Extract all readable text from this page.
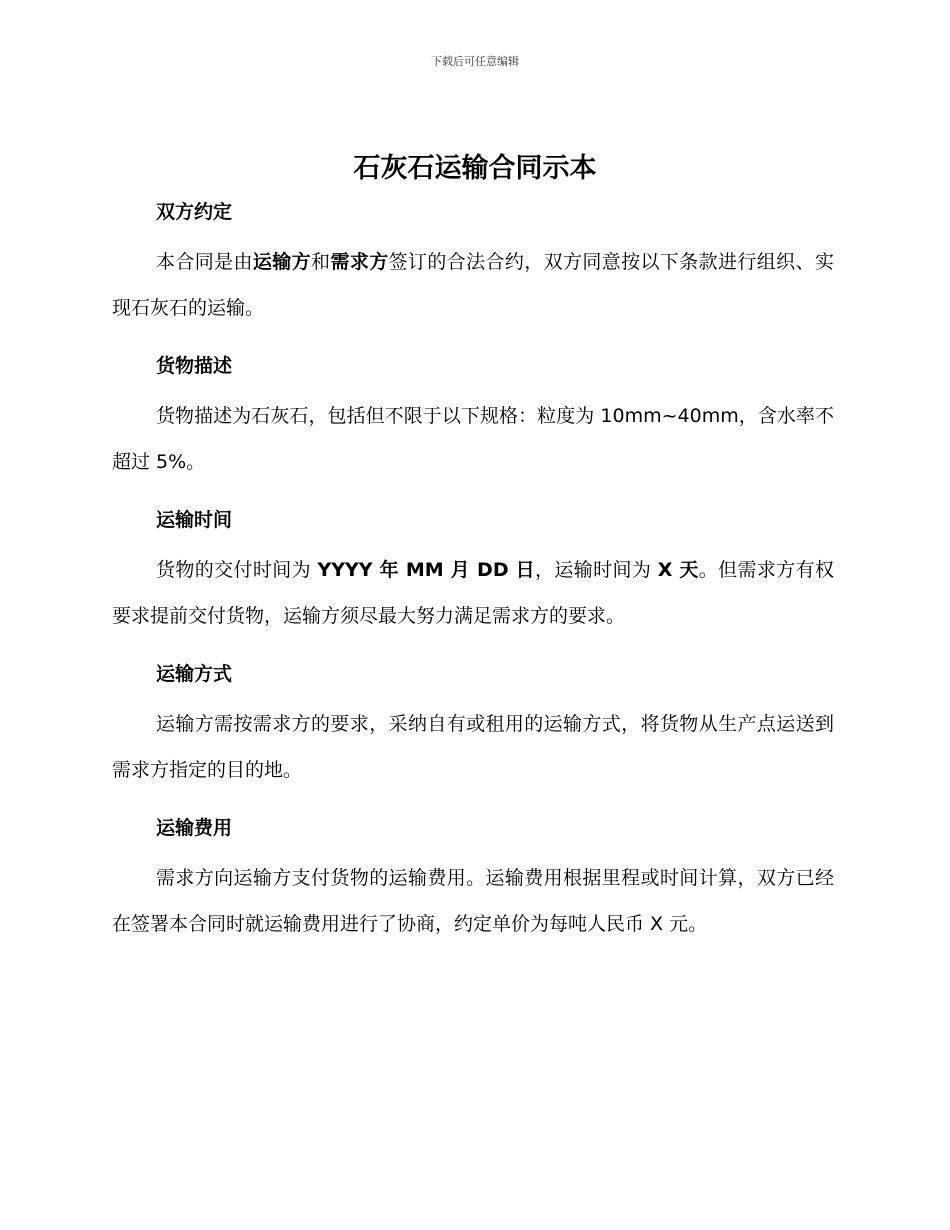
下载后可任意编辑
石灰石运输合同示本
双方约定

本合同是由运输方和需求方签订的合法合约，双方同意按以下条款进行组织、实现石灰石的运输。

货物描述

货物描述为石灰石，包括但不限于以下规格：粒度为 10mm~40mm，含水率不超过 5%。

运输时间

货物的交付时间为 YYYY 年 MM 月 DD 日，运输时间为 X 天。但需求方有权要求提前交付货物，运输方须尽最大努力满足需求方的要求。

运输方式

运输方需按需求方的要求，采纳自有或租用的运输方式，将货物从生产点运送到需求方指定的目的地。

运输费用

需求方向运输方支付货物的运输费用。运输费用根据里程或时间计算，双方已经在签署本合同时就运输费用进行了协商，约定单价为每吨人民币 X 元。
